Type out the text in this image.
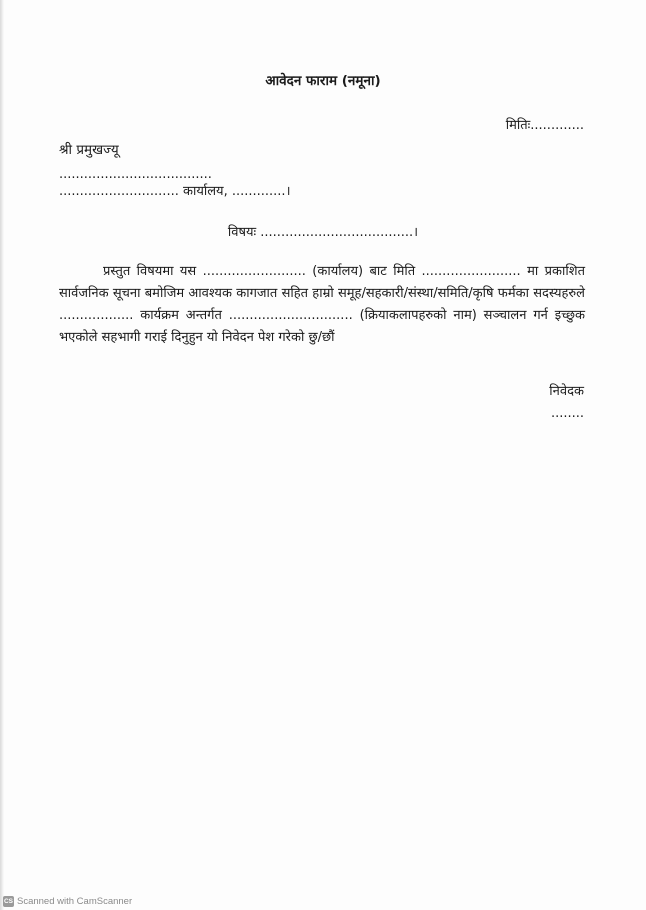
आवेदन फाराम (नमूना)
मितिः.............
श्री प्रमुखज्यू
.....................................
............................. कार्यालय, .............।
विषयः .....................................।

प्रस्तुत विषयमा यस ......................... (कार्यालय) बाट मिति ........................ मा प्रकाशित सार्वजनिक सूचना बमोजिम आवश्यक कागजात सहित हाम्रो समूह/सहकारी/संस्था/समिति/कृषि फर्मका सदस्यहरुले .................. कार्यक्रम अन्तर्गत .............................. (क्रियाकलापहरुको नाम) सञ्चालन गर्न इच्छुक भएकोले सहभागी गराई दिनुहुन यो निवेदन पेश गरेको छु/छौं

निवेदक
........
CS Scanned with CamScanner
